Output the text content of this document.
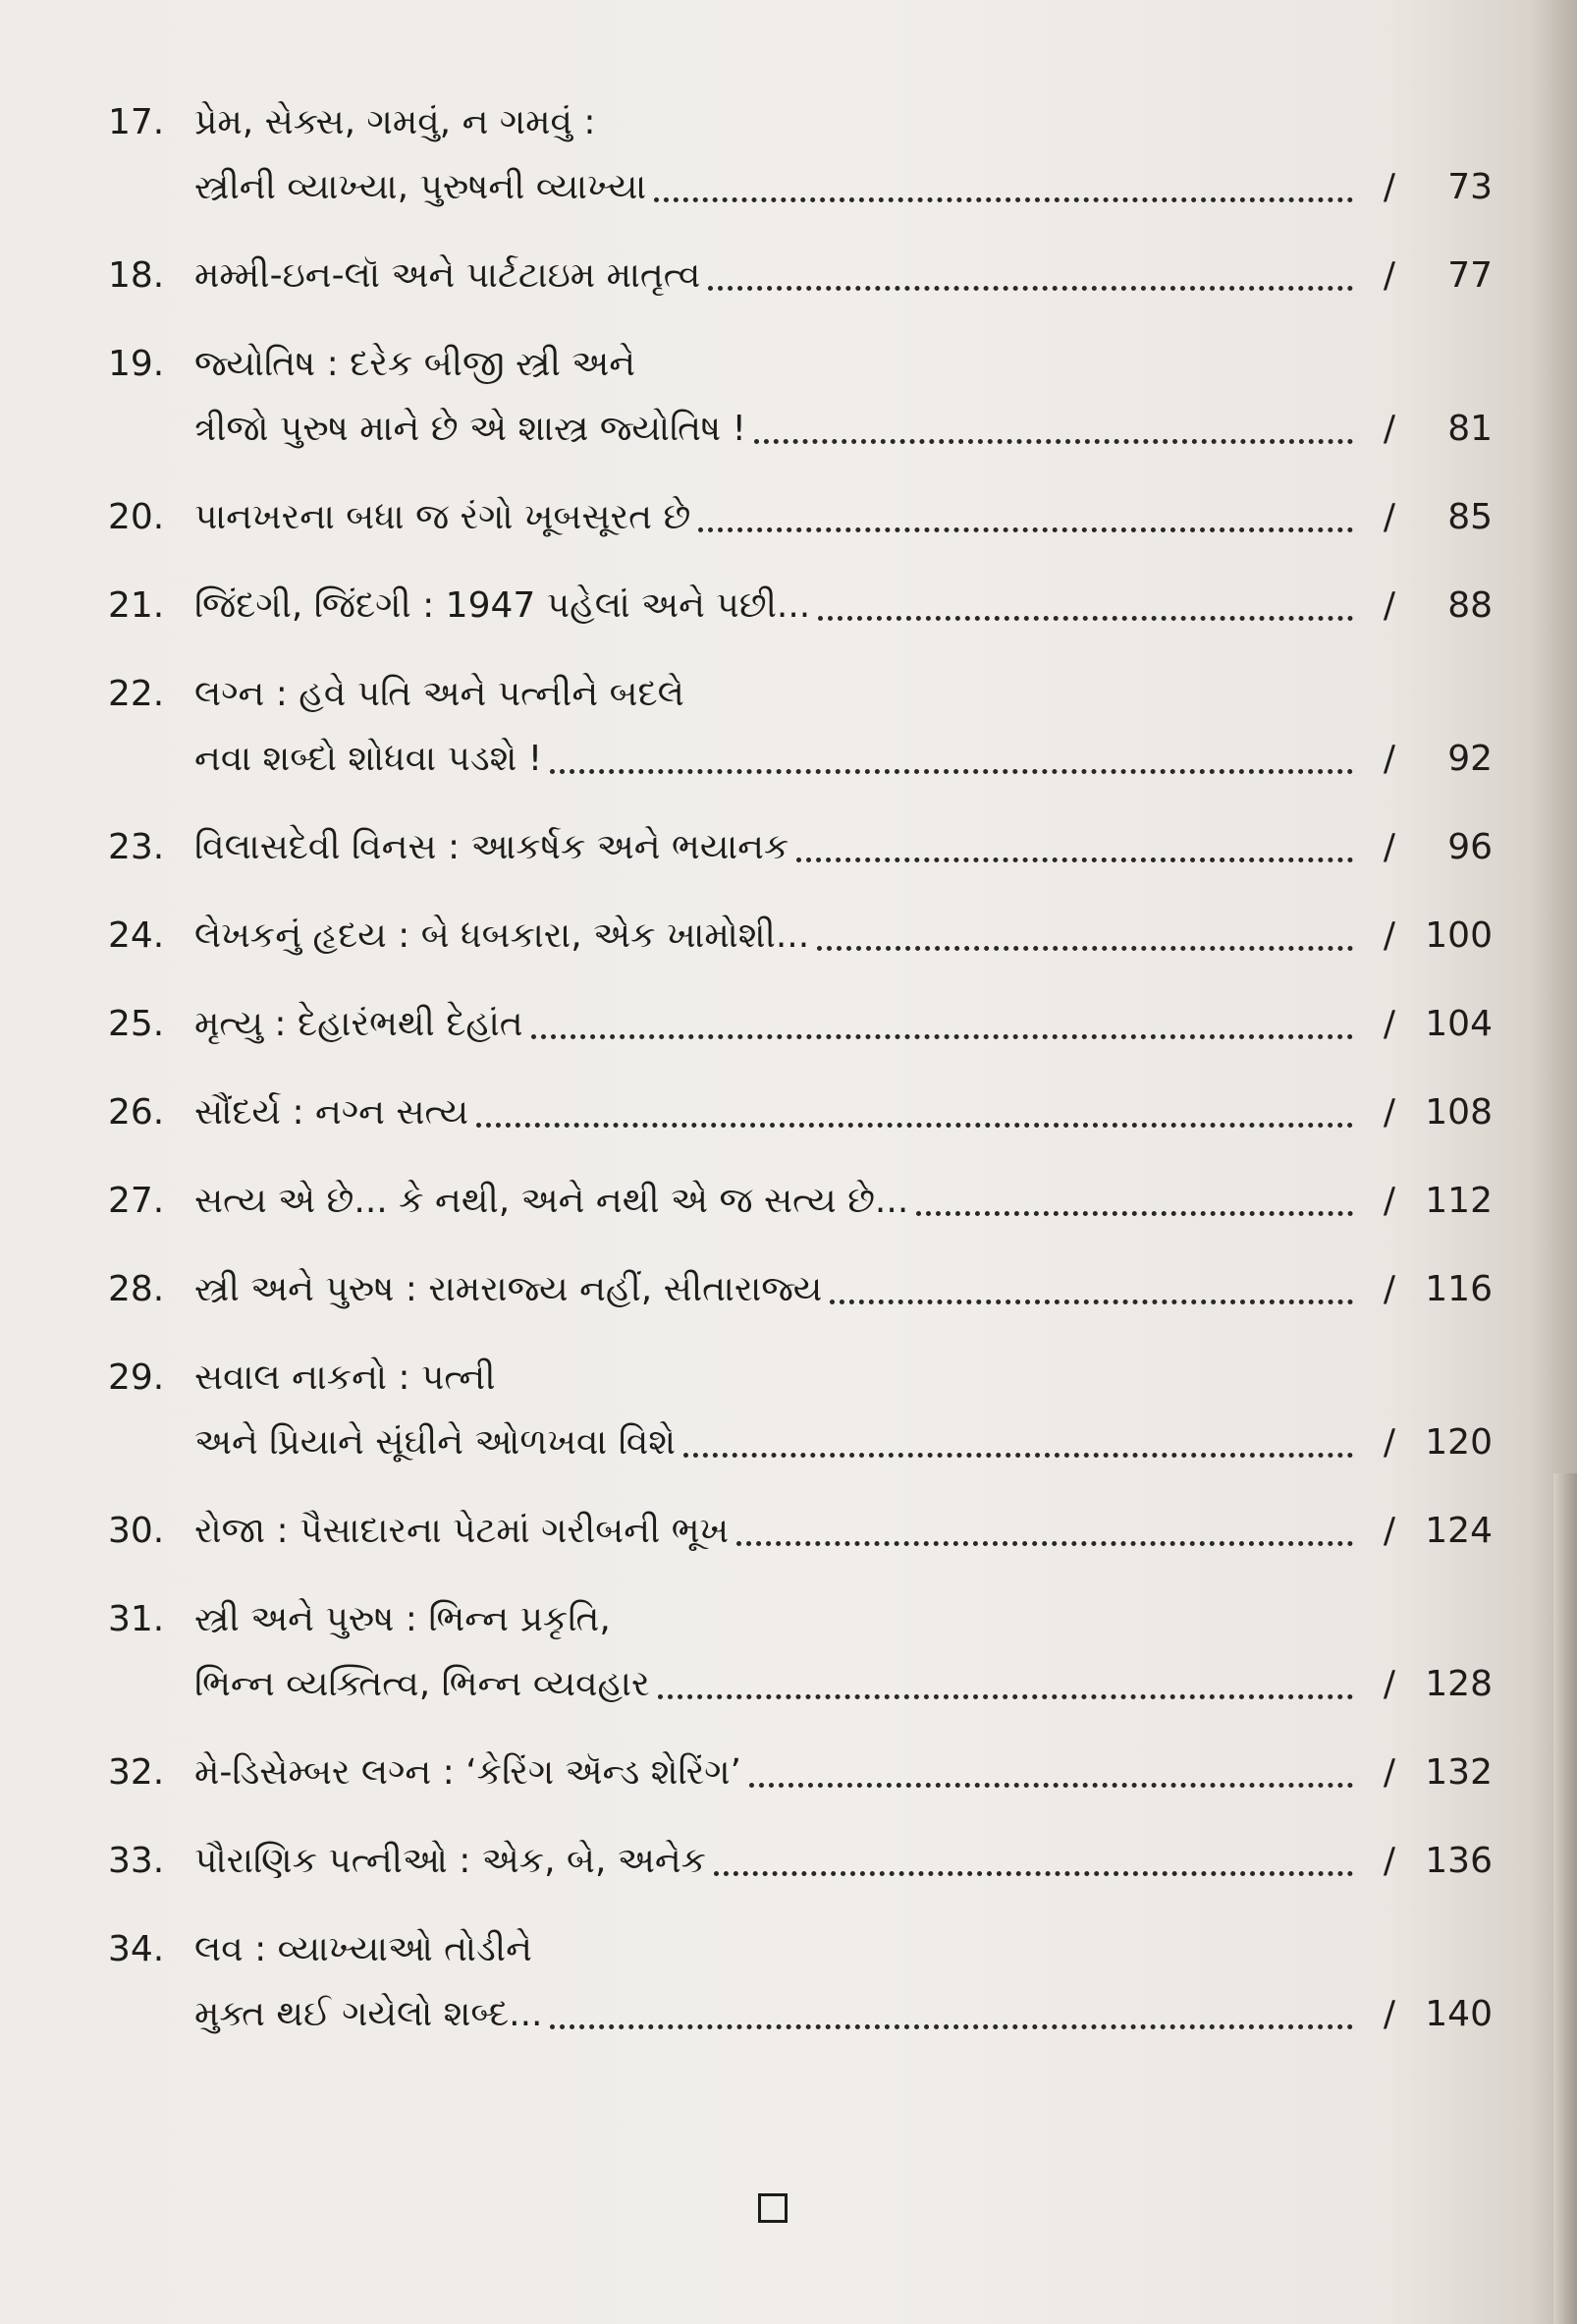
17. પ્રેમ, સેક્સ, ગમવું, ન ગમવું :
સ્ત્રીની વ્યાખ્યા, પુરુષની વ્યાખ્યા	/	73
18. મમ્મી-ઇન-લૉ અને પાર્ટટાઇમ માતૃત્વ	/	77
19. જ્યોતિષ : દરેક બીજી સ્ત્રી અને
ત્રીજો પુરુષ માને છે એ શાસ્ત્ર જ્યોતિષ !	/	81
20. પાનખરના બધા જ રંગો ખૂબસૂરત છે	/	85
21. જિંદગી, જિંદગી : 1947 પહેલાં અને પછી...	/	88
22. લગ્ન : હવે પતિ અને પત્નીને બદલે
નવા શબ્દો શોધવા પડશે !	/	92
23. વિલાસદેવી વિનસ : આકર્ષક અને ભયાનક	/	96
24. લેખકનું હૃદય : બે ધબકારા, એક ખામોશી...	/ 100
25. મૃત્યુ : દેહારંભથી દેહાંત	/ 104
26. સૌંદર્ય : નગ્ન સત્ય	/ 108
27. સત્ય એ છે... કે નથી, અને નથી એ જ સત્ય છે...	/ 112
28. સ્ત્રી અને પુરુષ : રામરાજ્ય નહીં, સીતારાજ્ય	/ 116
29. સવાલ નાકનો : પત્ની
અને પ્રિયાને સૂંઘીને ઓળખવા વિશે	/ 120
30. રોજા : પૈસાદારના પેટમાં ગરીબની ભૂખ	/ 124
31. સ્ત્રી અને પુરુષ : ભિન્ન પ્રકૃતિ,
ભિન્ન વ્યક્તિત્વ, ભિન્ન વ્યવહાર	/ 128
32. મે-ડિસેમ્બર લગ્ન : ‘કેરિંગ ઍન્ડ શેરિંગ’	/ 132
33. પૌરાણિક પત્નીઓ : એક, બે, અનેક	/ 136
34. લવ : વ્યાખ્યાઓ તોડીને
મુક્ત થઈ ગયેલો શબ્દ...	/ 140
